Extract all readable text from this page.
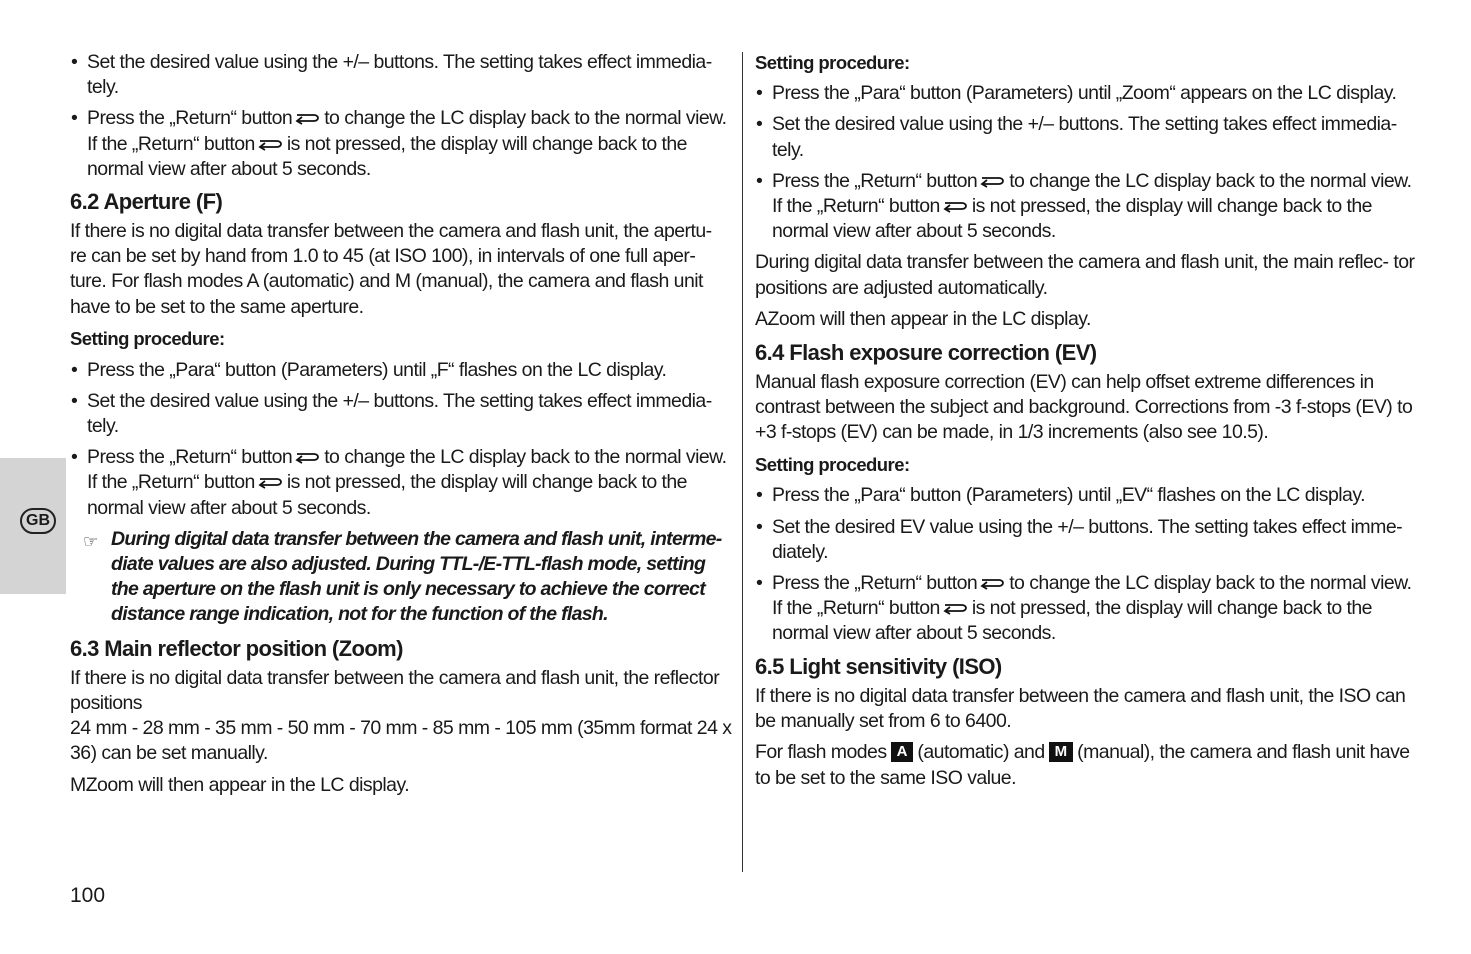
GB
• Set the desired value using the +/– buttons. The setting takes effect immedia- tely.
• Press the „Return“ button to change the LC display back to the normal view. If the „Return“ button is not pressed, the display will change back to the normal view after about 5 seconds.
6.2 Aperture (F)

If there is no digital data transfer between the camera and flash unit, the apertu- re can be set by hand from 1.0 to 45 (at ISO 100), in intervals of one full aper- ture. For flash modes A (automatic) and M (manual), the camera and flash unit have to be set to the same aperture.

Setting procedure:
• Press the „Para“ button (Parameters) until „F“ flashes on the LC display.
• Set the desired value using the +/– buttons. The setting takes effect immedia- tely.
• Press the „Return“ button to change the LC display back to the normal view. If the „Return“ button is not pressed, the display will change back to the normal view after about 5 seconds.
☞ During digital data transfer between the camera and flash unit, interme- diate values are also adjusted. During TTL-/E-TTL-flash mode, setting the aperture on the flash unit is only necessary to achieve the correct distance range indication, not for the function of the flash.
6.3 Main reflector position (Zoom)

If there is no digital data transfer between the camera and flash unit, the reflector positions

24 mm - 28 mm - 35 mm - 50 mm - 70 mm - 85 mm - 105 mm (35mm format 24 x 36) can be set manually.

MZoom will then appear in the LC display.

Setting procedure:
• Press the „Para“ button (Parameters) until „Zoom“ appears on the LC display.
• Set the desired value using the +/– buttons. The setting takes effect immedia- tely.
• Press the „Return“ button to change the LC display back to the normal view. If the „Return“ button is not pressed, the display will change back to the normal view after about 5 seconds.

During digital data transfer between the camera and flash unit, the main reflec- tor positions are adjusted automatically.

AZoom will then appear in the LC display.

6.4 Flash exposure correction (EV)

Manual flash exposure correction (EV) can help offset extreme differences in contrast between the subject and background. Corrections from -3 f-stops (EV) to +3 f-stops (EV) can be made, in 1/3 increments (also see 10.5).

Setting procedure:
• Press the „Para“ button (Parameters) until „EV“ flashes on the LC display.
• Set the desired EV value using the +/– buttons. The setting takes effect imme- diately.
• Press the „Return“ button to change the LC display back to the normal view. If the „Return“ button is not pressed, the display will change back to the normal view after about 5 seconds.
6.5 Light sensitivity (ISO)

If there is no digital data transfer between the camera and flash unit, the ISO can be manually set from 6 to 6400.

For flash modes A (automatic) and M (manual), the camera and flash unit have to be set to the same ISO value.

100
